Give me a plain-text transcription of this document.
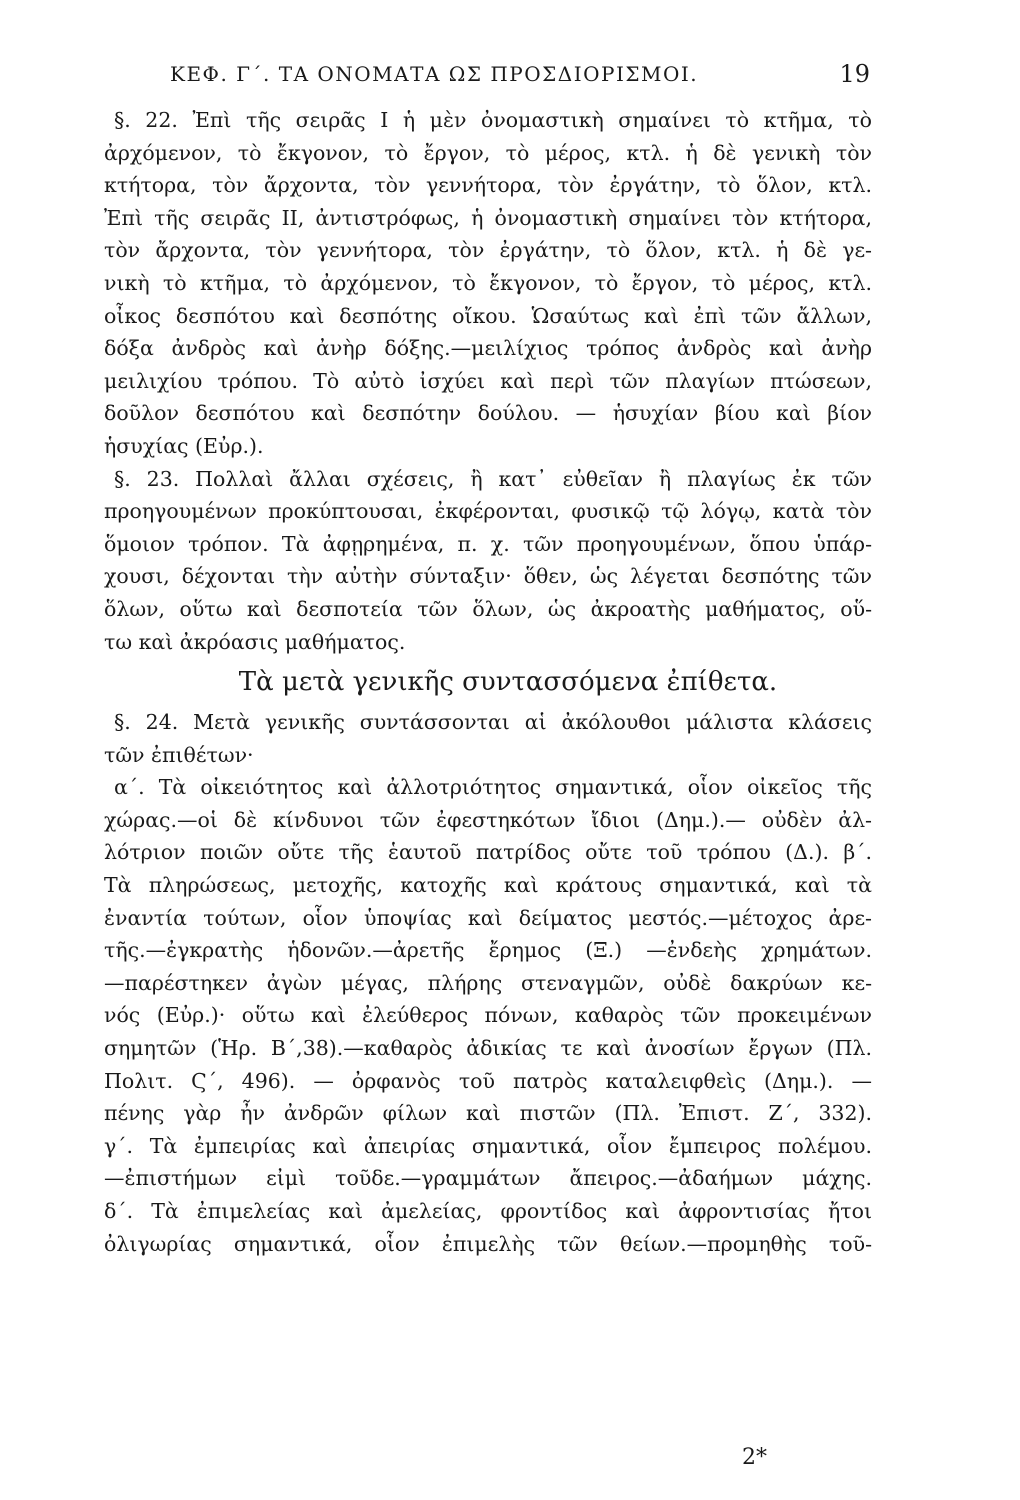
ΚΕΦ. Γ΄. ΤΑ ΟΝΟΜΑΤΑ ΩΣ ΠΡΟΣΔΙΟΡΙΣΜΟΙ.	19
§. 22. Ἐπὶ τῆς σειρᾶς Ι ἡ μὲν ὀνομαστικὴ σημαίνει τὸ κτῆμα, τὸ
ἀρχόμενον, τὸ ἔκγονον, τὸ ἔργον, τὸ μέρος, κτλ. ἡ δὲ γενικὴ τὸν
κτήτορα, τὸν ἄρχοντα, τὸν γεννήτορα, τὸν ἐργάτην, τὸ ὅλον, κτλ.
Ἐπὶ τῆς σειρᾶς ΙΙ, ἀντιστρόφως, ἡ ὀνομαστικὴ σημαίνει τὸν κτήτορα,
τὸν ἄρχοντα, τὸν γεννήτορα, τὸν ἐργάτην, τὸ ὅλον, κτλ. ἡ δὲ γε-
νικὴ τὸ κτῆμα, τὸ ἀρχόμενον, τὸ ἔκγονον, τὸ ἔργον, τὸ μέρος, κτλ.
οἶκος δεσπότου καὶ δεσπότης οἴκου. Ὡσαύτως καὶ ἐπὶ τῶν ἄλλων,
δόξα ἀνδρὸς καὶ ἀνὴρ δόξης.—μειλίχιος τρόπος ἀνδρὸς καὶ ἀνὴρ
μειλιχίου τρόπου. Τὸ αὐτὸ ἰσχύει καὶ περὶ τῶν πλαγίων πτώσεων,
δοῦλον δεσπότου καὶ δεσπότην δούλου. — ἡσυχίαν βίου καὶ βίον
ἡσυχίας (Εὐρ.).
§. 23. Πολλαὶ ἄλλαι σχέσεις, ἢ κατ᾽ εὐθεῖαν ἢ πλαγίως ἐκ τῶν
προηγουμένων προκύπτουσαι, ἐκφέρονται, φυσικῷ τῷ λόγῳ, κατὰ τὸν
ὅμοιον τρόπον. Τὰ ἀφῃρημένα, π. χ. τῶν προηγουμένων, ὅπου ὑπάρ-
χουσι, δέχονται τὴν αὐτὴν σύνταξιν· ὅθεν, ὡς λέγεται δεσπότης τῶν
ὅλων, οὕτω καὶ δεσποτεία τῶν ὅλων, ὡς ἀκροατὴς μαθήματος, οὕ-
τω καὶ ἀκρόασις μαθήματος.
Τὰ μετὰ γενικῆς συντασσόμενα ἐπίθετα.
§. 24. Μετὰ γενικῆς συντάσσονται αἱ ἀκόλουθοι μάλιστα κλάσεις
τῶν ἐπιθέτων·
α΄. Τὰ οἰκειότητος καὶ ἀλλοτριότητος σημαντικά, οἷον οἰκεῖος τῆς
χώρας.—οἱ δὲ κίνδυνοι τῶν ἐφεστηκότων ἴδιοι (Δημ.).— οὐδὲν ἀλ-
λότριον ποιῶν οὔτε τῆς ἑαυτοῦ πατρίδος οὔτε τοῦ τρόπου (Δ.). β΄.
Τὰ πληρώσεως, μετοχῆς, κατοχῆς καὶ κράτους σημαντικά, καὶ τὰ
ἐναντία τούτων, οἷον ὑποψίας καὶ δείματος μεστός.—μέτοχος ἀρε-
τῆς.—ἐγκρατὴς ἡδονῶν.—ἀρετῆς ἔρημος (Ξ.) —ἐνδεὴς χρημάτων.
—παρέστηκεν ἀγὼν μέγας, πλήρης στεναγμῶν, οὐδὲ δακρύων κε-
νός (Εὐρ.)· οὕτω καὶ ἐλεύθερος πόνων, καθαρὸς τῶν προκειμένων
σημητῶν (Ἡρ. Β΄,38).—καθαρὸς ἀδικίας τε καὶ ἀνοσίων ἔργων (Πλ.
Πολιτ. Ϛ΄, 496). — ὀρφανὸς τοῦ πατρὸς καταλειφθεὶς (Δημ.). —
πένης γὰρ ἦν ἀνδρῶν φίλων καὶ πιστῶν (Πλ. Ἐπιστ. Ζ΄, 332).
γ΄. Τὰ ἐμπειρίας καὶ ἀπειρίας σημαντικά, οἷον ἔμπειρος πολέμου.
—ἐπιστήμων εἰμὶ τοῦδε.—γραμμάτων ἄπειρος.—ἀδαήμων μάχης.
δ΄. Τὰ ἐπιμελείας καὶ ἀμελείας, φροντίδος καὶ ἀφροντισίας ἤτοι
ὀλιγωρίας σημαντικά, οἷον ἐπιμελὴς τῶν θείων.—προμηθὴς τοῦ-
2*
